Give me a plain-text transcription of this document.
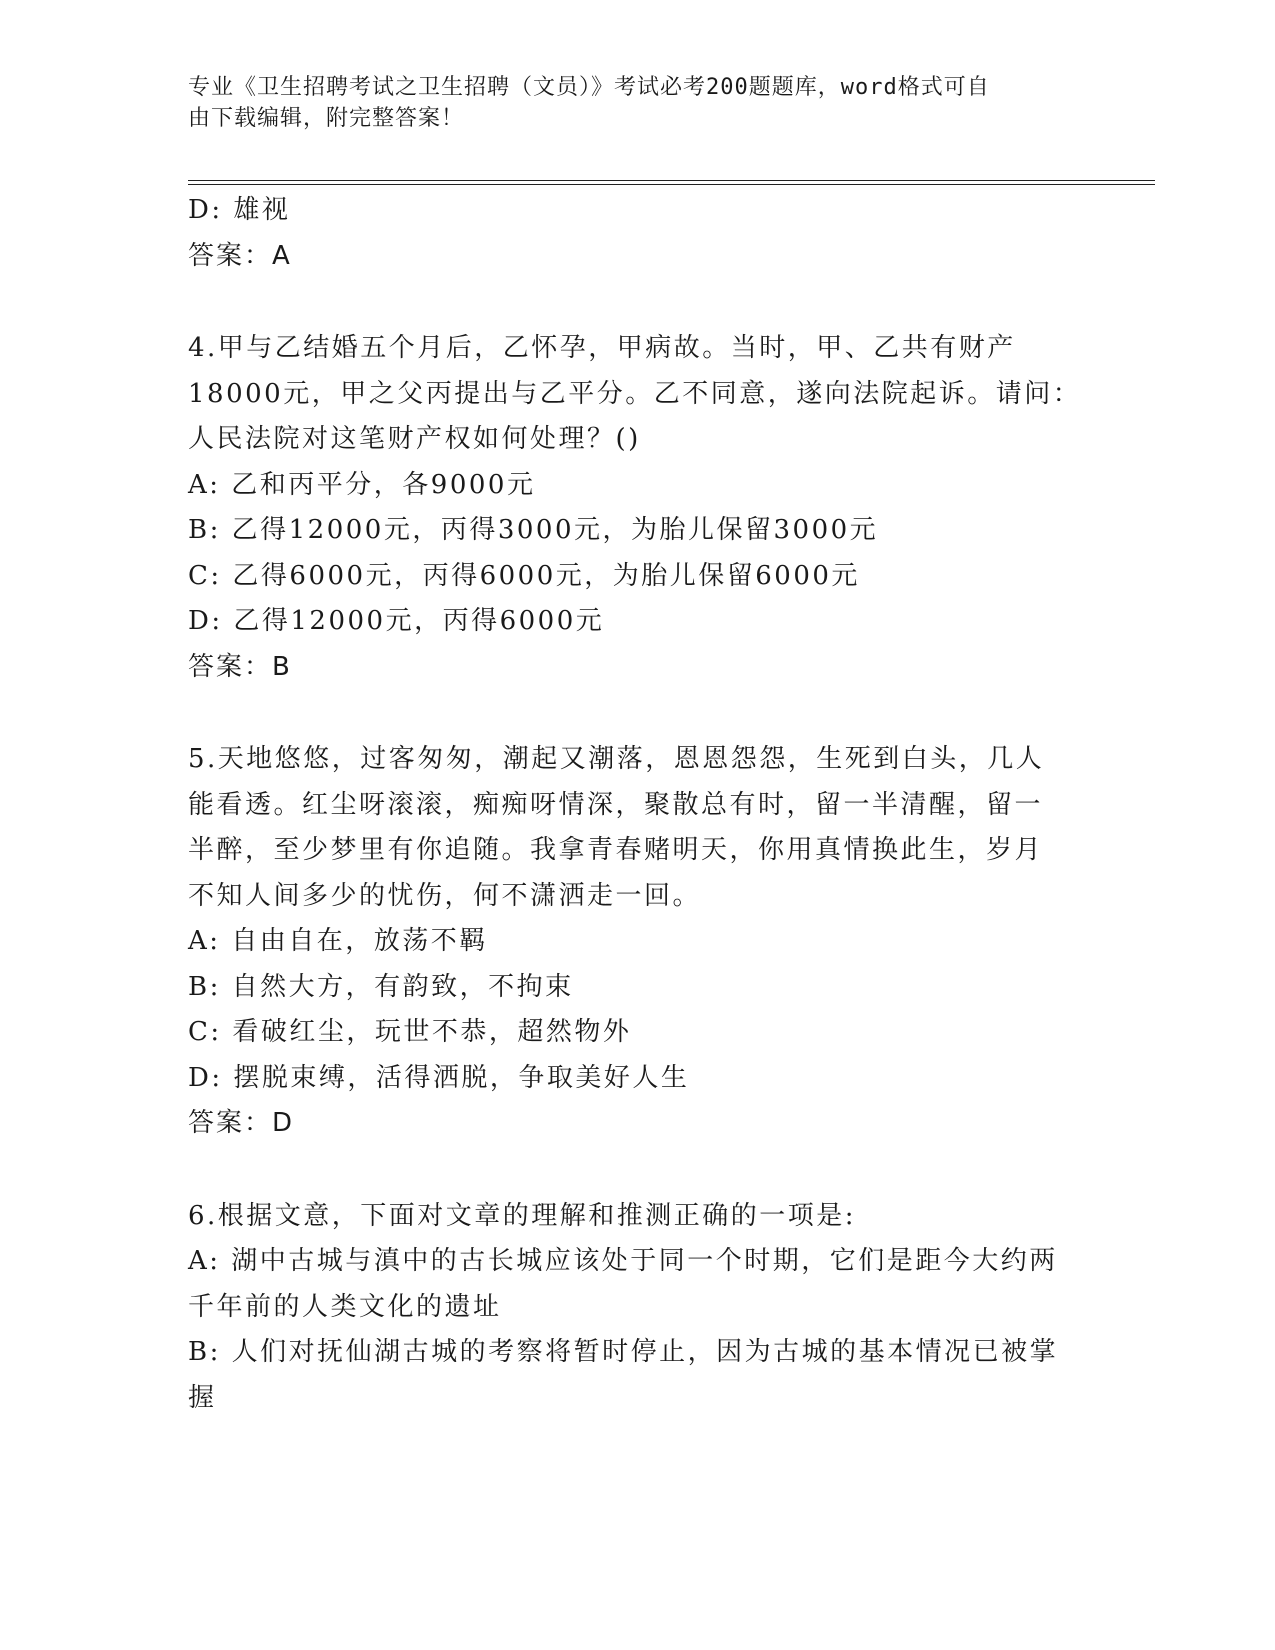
专业《卫生招聘考试之卫生招聘（文员）》考试必考200题题库，word格式可自
由下载编辑，附完整答案！
D: 雄视
答案：A
4.甲与乙结婚五个月后，乙怀孕，甲病故。当时，甲、乙共有财产
18000元，甲之父丙提出与乙平分。乙不同意，遂向法院起诉。请问：
人民法院对这笔财产权如何处理？()
A: 乙和丙平分，各9000元
B: 乙得12000元，丙得3000元，为胎儿保留3000元
C: 乙得6000元，丙得6000元，为胎儿保留6000元
D: 乙得12000元，丙得6000元
答案：B
5.天地悠悠，过客匆匆，潮起又潮落，恩恩怨怨，生死到白头，几人
能看透。红尘呀滚滚，痴痴呀情深，聚散总有时，留一半清醒，留一
半醉，至少梦里有你追随。我拿青春赌明天，你用真情换此生，岁月
不知人间多少的忧伤，何不潇洒走一回。
A: 自由自在，放荡不羁
B: 自然大方，有韵致，不拘束
C: 看破红尘，玩世不恭，超然物外
D: 摆脱束缚，活得洒脱，争取美好人生
答案：D
6.根据文意，下面对文章的理解和推测正确的一项是:
A: 湖中古城与滇中的古长城应该处于同一个时期，它们是距今大约两
千年前的人类文化的遗址
B: 人们对抚仙湖古城的考察将暂时停止，因为古城的基本情况已被掌
握
